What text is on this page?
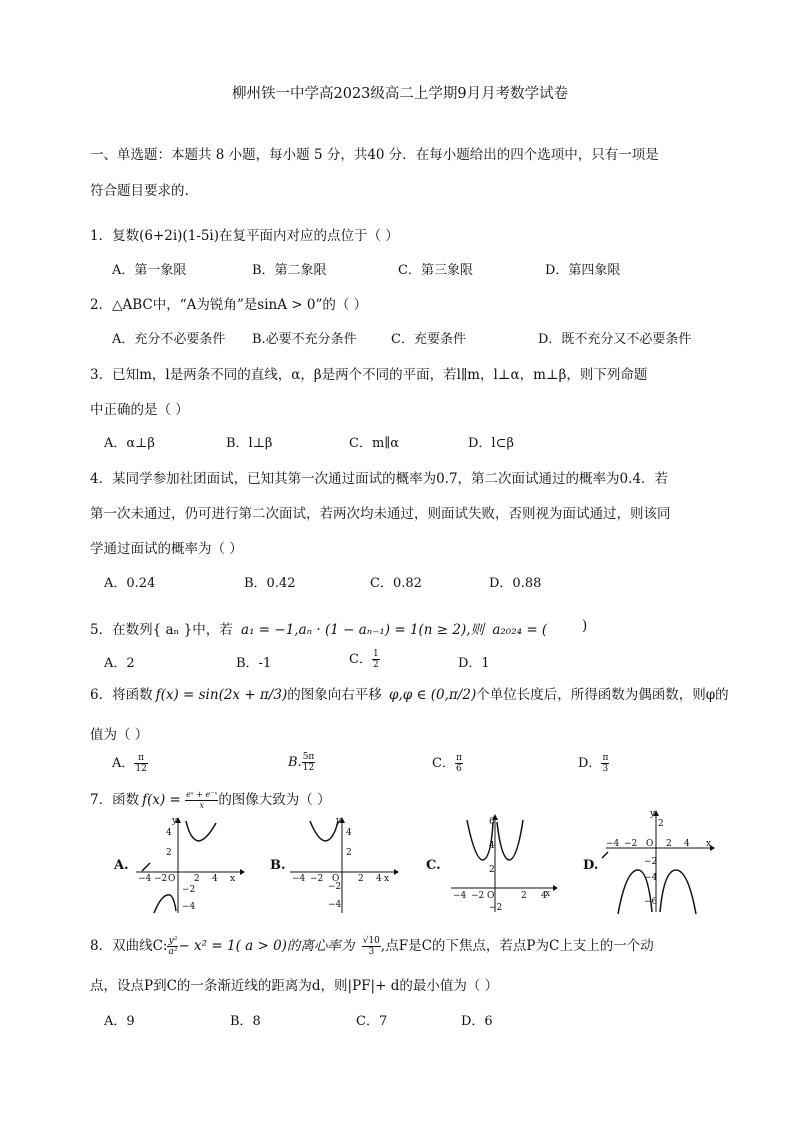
柳州铁一中学高2023级高二上学期9月月考数学试卷
一、单选题：本题共 8 小题，每小题 5 分，共40 分．在每小题给出的四个选项中，只有一项是
符合题目要求的.
1．复数(6+2i)(1-5i)在复平面内对应的点位于（ ）
A．第一象限	B．第二象限	C．第三象限	D．第四象限
2．△ABC中，“A为锐角”是sinA > 0”的（ ）
A．充分不必要条件 B.必要不充分条件	C．充要条件	D．既不充分又不必要条件
3．已知m，l是两条不同的直线，α，β是两个不同的平面，若l∥m，l⊥α，m⊥β，则下列命题
中正确的是（ ）
A．α⊥β	B．l⊥β	C．m∥α	D．l⊂β
4．某同学参加社团面试，已知其第一次通过面试的概率为0.7，第二次面试通过的概率为0.4．若
第一次未通过，仍可进行第二次面试，若两次均未通过，则面试失败，否则视为面试通过，则该同
学通过面试的概率为（ ）
A．0.24	B．0.42	C．0.82	D．0.88
5．在数列{ aₙ }中，若 a₁ = −1,aₙ · (1 − aₙ₋₁) = 1(n ≥ 2),则 a₂₀₂₄ = (	)
A．2	B．-1	C． $\frac{1}{2}$	D．1
6．将函数 f(x) = sin(2x + π/3)的图象向右平移 φ,φ ∈ (0,π/2)个单位长度后，所得函数为偶函数，则φ的
值为（ ）
A． $\frac{\pi}{12}$	B. $\frac{5\pi}{12}$	C． $\frac{\pi}{6}$	D． $\frac{\pi}{3}$
7．函数 $f(x) = \frac{\text{eˣ + e⁻ˣ}}{x}$ 的图像大致为（ ）
A.
y
x
4
2
−2
−4
−4 −2 O 2 4
B.
y
x
4
2
−2
−4
−4 −2 O 2 4
C.
6
4
2
−2
x
−4 −2 O	2 4
D.
y
x
2
−2
−4
−6
−4 −2 O 2 4
8．双曲线C: $\frac{\text{y²}}{\text{a²}} - x^2 = 1$( a > 0)的离心率为 $\frac{√10}{3}$ ,点F是C的下焦点，若点P为C上支上的一个动
点，设点P到C的一条渐近线的距离为d，则|PF|+ d的最小值为（ ）
A．9	B．8	C．7	D．6
